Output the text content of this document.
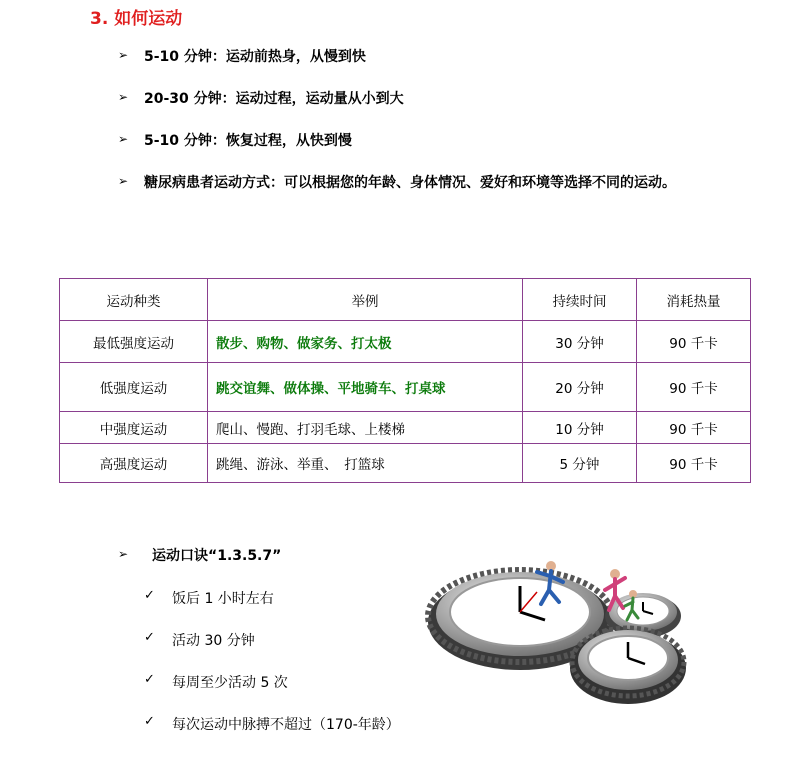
3. 如何运动
➢	5-10 分钟：运动前热身，从慢到快
➢	20-30 分钟：运动过程，运动量从小到大
➢	5-10 分钟：恢复过程，从快到慢
➢	糖尿病患者运动方式：可以根据您的年龄、身体情况、爱好和环境等选择不同的运动。
运动种类	举例	持续时间	消耗热量
最低强度运动	散步、购物、做家务、打太极	30 分钟	90 千卡
低强度运动	跳交谊舞、做体操、平地骑车、打桌球	20 分钟	90 千卡
中强度运动	爬山、慢跑、打羽毛球、上楼梯	10 分钟	90 千卡
高强度运动	跳绳、游泳、举重、　打篮球	5 分钟	90 千卡
➢	运动口诀“1.3.5.7”
✓	饭后 1 小时左右
✓	活动 30 分钟
✓	每周至少活动 5 次
✓	每次运动中脉搏不超过（170-年龄）
